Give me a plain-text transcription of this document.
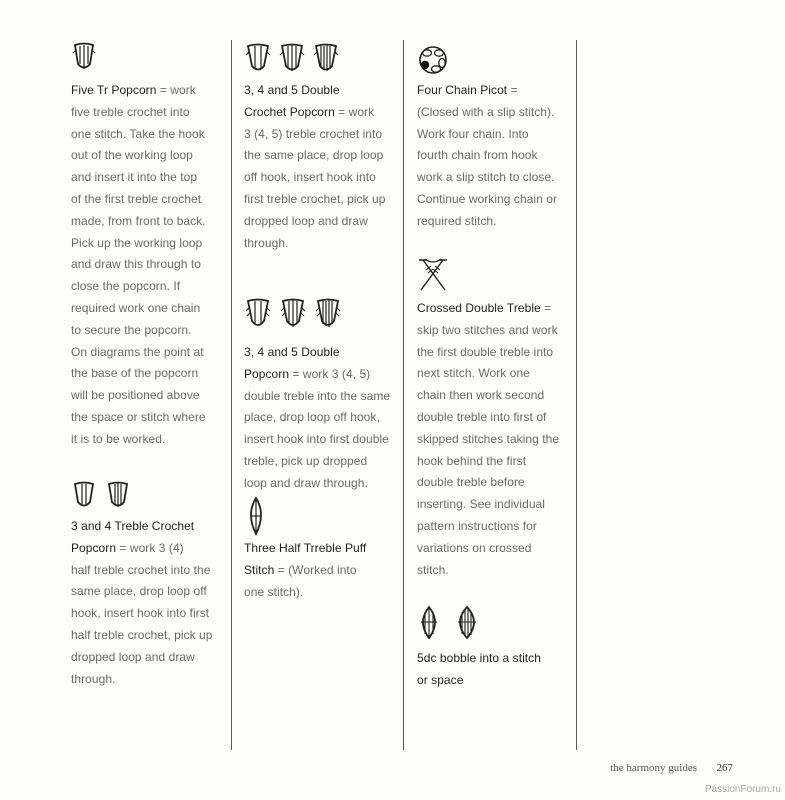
Five Tr Popcorn = work

five treble crochet into

one stitch. Take the hook

out of the working loop

and insert it into the top

of the first treble crochet

made, from front to back.

Pick up the working loop

and draw this through to

close the popcorn. If

required work one chain

to secure the popcorn.

On diagrams the point at

the base of the popcorn

will be positioned above

the space or stitch where

it is to be worked.

3 and 4 Treble Crochet

Popcorn = work 3 (4)

half treble crochet into the

same place, drop loop off

hook, insert hook into first

half treble crochet, pick up

dropped loop and draw

through.

3, 4 and 5 Double

Crochet Popcorn = work

3 (4, 5) treble crochet into

the same place, drop loop

off hook, insert hook into

first treble crochet, pick up

dropped loop and draw

through.

3, 4 and 5 Double

Popcorn = work 3 (4, 5)

double treble into the same

place, drop loop off hook,

insert hook into first double

treble, pick up dropped

loop and draw through.

Three Half Trreble Puff

Stitch = (Worked into

one stitch).

Four Chain Picot =

(Closed with a slip stitch).

Work four chain. Into

fourth chain from hook

work a slip stitch to close.

Continue working chain or

required stitch.

Crossed Double Treble =

skip two stitches and work

the first double treble into

next stitch. Work one

chain then work second

double treble into first of

skipped stitches taking the

hook behind the first

double treble before

inserting. See individual

pattern instructions for

variations on crossed

stitch.

5dc bobble into a stitch

or space

the harmony guides 267
PassionForum.ru
